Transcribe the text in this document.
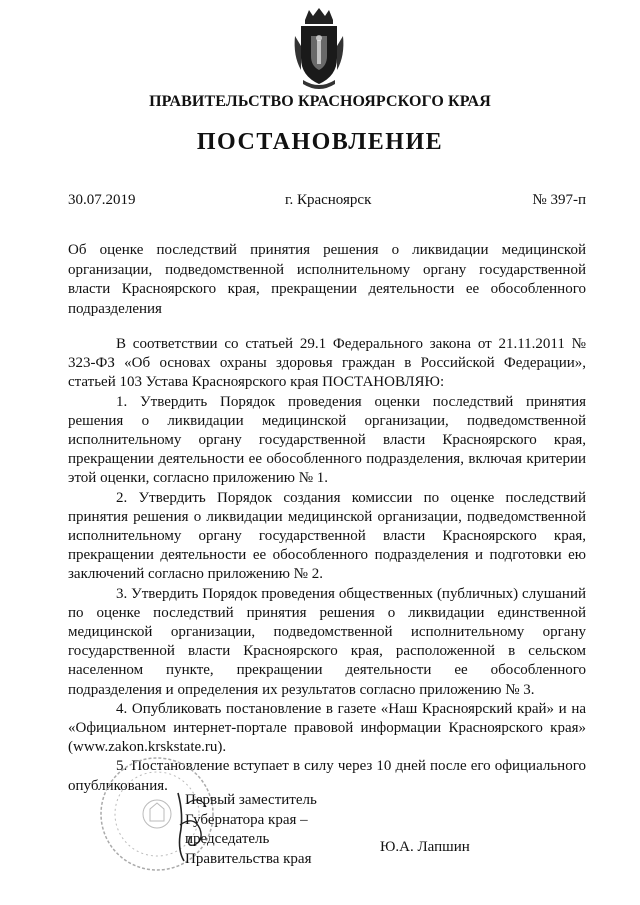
ПРАВИТЕЛЬСТВО КРАСНОЯРСКОГО КРАЯ
ПОСТАНОВЛЕНИЕ
30.07.2019	г. Красноярск	№ 397-п
Об оценке последствий принятия решения о ликвидации медицинской организации, подведомственной исполнительному органу государственной власти Красноярского края, прекращении деятельности ее обособленного подразделения

В соответствии со статьей 29.1 Федерального закона от 21.11.2011 № 323-ФЗ «Об основах охраны здоровья граждан в Российской Федерации», статьей 103 Устава Красноярского края ПОСТАНОВЛЯЮ:

1. Утвердить Порядок проведения оценки последствий принятия решения о ликвидации медицинской организации, подведомственной исполнительному органу государственной власти Красноярского края, прекращении деятельности ее обособленного подразделения, включая критерии этой оценки, согласно приложению № 1.

2. Утвердить Порядок создания комиссии по оценке последствий принятия решения о ликвидации медицинской организации, подведомственной исполнительному органу государственной власти Красноярского края, прекращении деятельности ее обособленного подразделения и подготовки ею заключений согласно приложению № 2.

3. Утвердить Порядок проведения общественных (публичных) слушаний по оценке последствий принятия решения о ликвидации единственной медицинской организации, подведомственной исполнительному органу государственной власти Красноярского края, расположенной в сельском населенном пункте, прекращении деятельности ее обособленного подразделения и определения их результатов согласно приложению № 3.

4. Опубликовать постановление в газете «Наш Красноярский край» и на «Официальном интернет-портале правовой информации Красноярского края» (www.zakon.krskstate.ru).

5. Постановление вступает в силу через 10 дней после его официального опубликования.

Первый заместитель
Губернатора края –
председатель
Правительства края
Ю.А. Лапшин
